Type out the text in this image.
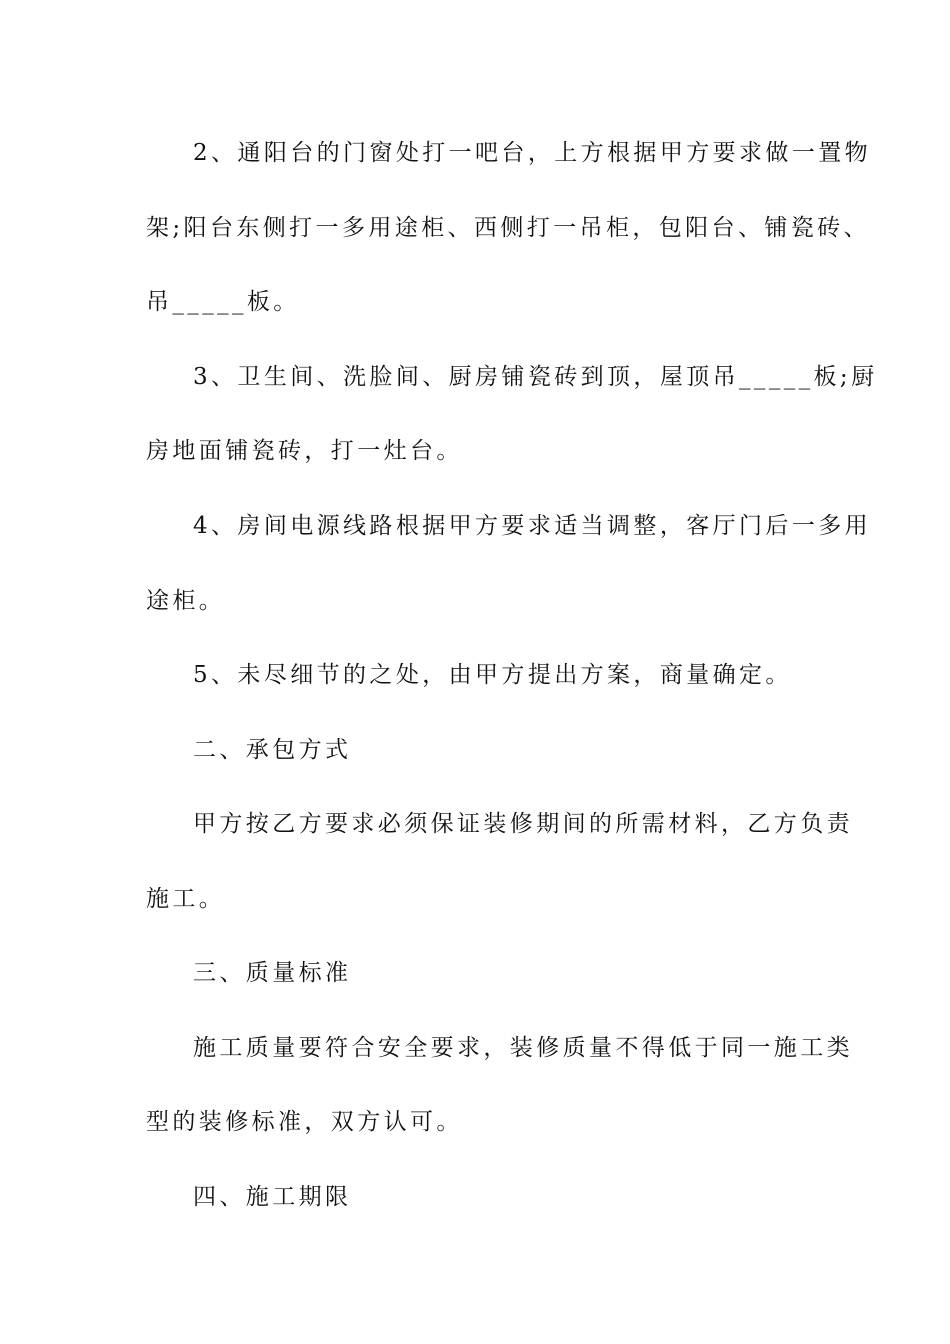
2、通阳台的门窗处打一吧台，上方根据甲方要求做一置物
架;阳台东侧打一多用途柜、西侧打一吊柜，包阳台、铺瓷砖、
吊_____板。
3、卫生间、洗脸间、厨房铺瓷砖到顶，屋顶吊_____板;厨
房地面铺瓷砖，打一灶台。
4、房间电源线路根据甲方要求适当调整，客厅门后一多用
途柜。
5、未尽细节的之处，由甲方提出方案，商量确定。
二、承包方式
甲方按乙方要求必须保证装修期间的所需材料，乙方负责
施工。
三、质量标准
施工质量要符合安全要求，装修质量不得低于同一施工类
型的装修标准，双方认可。
四、施工期限
